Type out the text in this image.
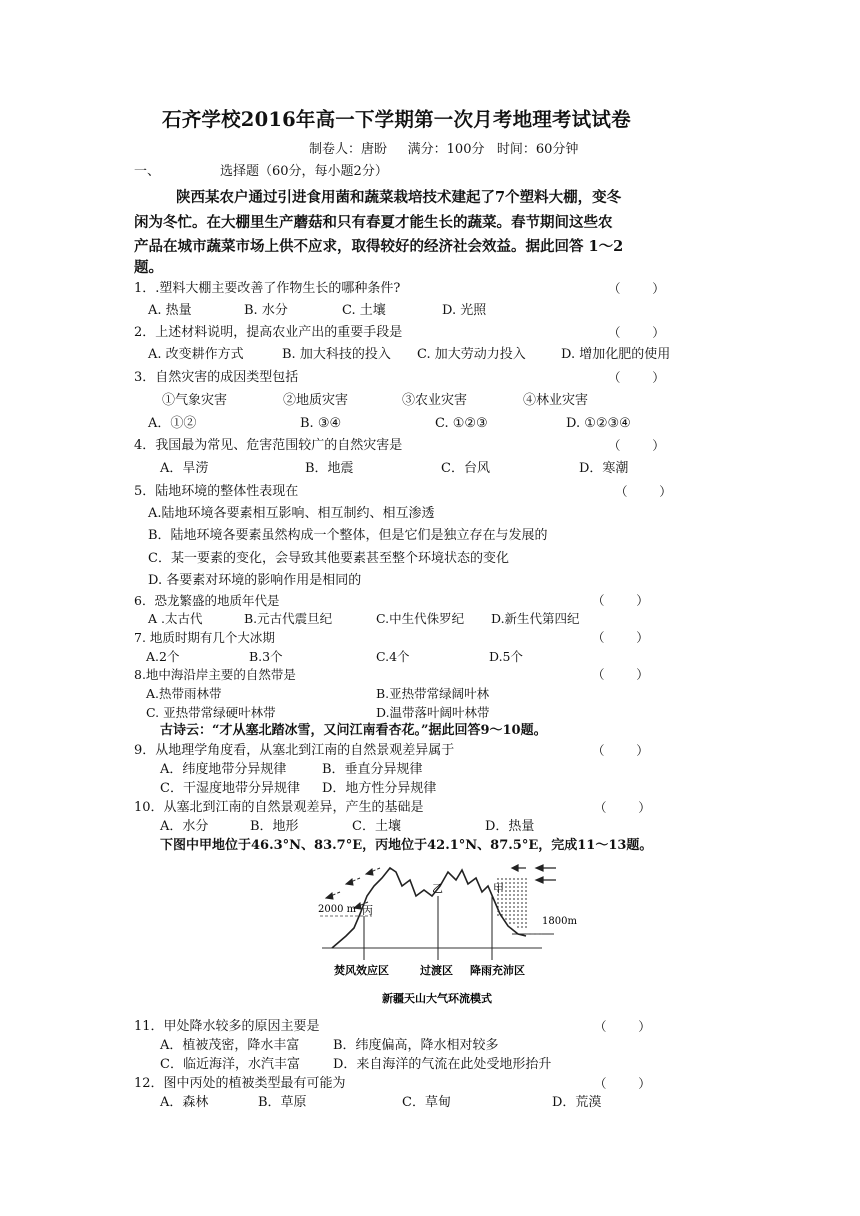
石齐学校2016年高一下学期第一次月考地理考试试卷
制卷人：唐盼     满分：100分   时间：60分钟
一、	选择题（60分，每小题2分）
陕西某农户通过引进食用菌和蔬菜栽培技术建起了7个塑料大棚，变冬
闲为冬忙。在大棚里生产蘑菇和只有春夏才能生长的蔬菜。春节期间这些农
产品在城市蔬菜市场上供不应求，取得较好的经济社会效益。据此回答 1～2
题。
1．.塑料大棚主要改善了作物生长的哪种条件?	（        ）
A. 热量	B. 水分	C. 土壤	D. 光照
2．上述材料说明，提高农业产出的重要手段是	（        ）
A. 改变耕作方式	B. 加大科技的投入 C. 加大劳动力投入	D. 增加化肥的使用
3．自然灾害的成因类型包括	（        ）
①气象灾害	②地质灾害	③农业灾害	④林业灾害
A．①②	B. ③④	C. ①②③	D. ①②③④
4．我国最为常见、危害范围较广的自然灾害是	（        ）
A．旱涝	B．地震	C．台风	D．寒潮
5．陆地环境的整体性表现在	（        ）
A.陆地环境各要素相互影响、相互制约、相互渗透
B．陆地环境各要素虽然构成一个整体，但是它们是独立存在与发展的
C．某一要素的变化，会导致其他要素甚至整个环境状态的变化
D. 各要素对环境的影响作用是相同的
6．恐龙繁盛的地质年代是	（        ）
A .太古代	B.元古代震旦纪	C.中生代侏罗纪 D.新生代第四纪
7. 地质时期有几个大冰期	（        ）
A.2个	B.3个	C.4个	D.5个
8.地中海沿岸主要的自然带是	（        ）
A.热带雨林带	B.亚热带常绿阔叶林
C. 亚热带常绿硬叶林带	D.温带落叶阔叶林带
古诗云：“才从塞北踏冰雪，又问江南看杏花。”据此回答9～10题。
9．从地理学角度看，从塞北到江南的自然景观差异属于	（        ）
A．纬度地带分异规律	B．垂直分异规律
C．干湿度地带分异规律 D．地方性分异规律
10．从塞北到江南的自然景观差异，产生的基础是	（        ）
A．水分	B．地形	C．土壤	D．热量
下图中甲地位于46.3°N、83.7°E，丙地位于42.1°N、87.5°E，完成11～13题。
2000 m
1800m
丙
乙	甲
焚风效应区	过渡区 降雨充沛区
新疆天山大气环流模式
11．甲处降水较多的原因主要是	（        ）
A．植被茂密，降水丰富	B．纬度偏高，降水相对较多
C．临近海洋，水汽丰富	D．来自海洋的气流在此处受地形抬升
12．图中丙处的植被类型最有可能为	（        ）
A．森林	B．草原	C．草甸	D．荒漠
